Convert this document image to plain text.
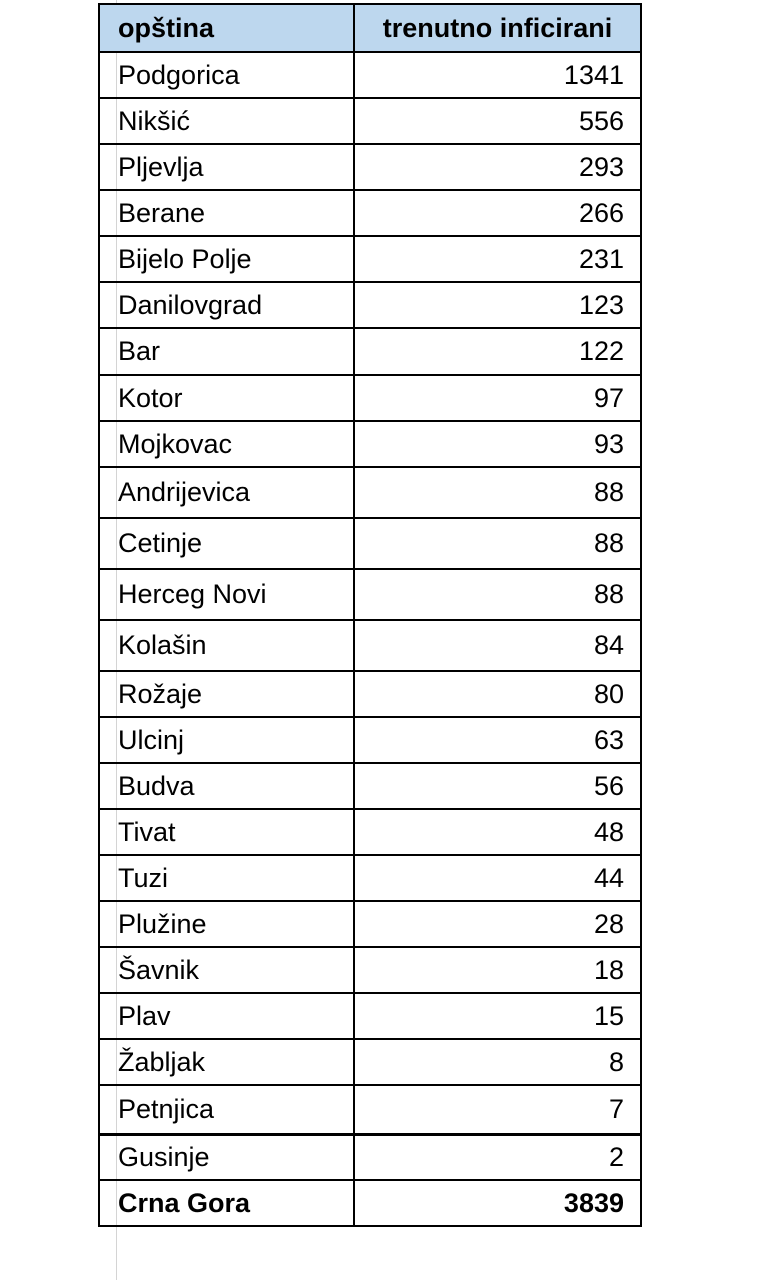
opština	trenutno inficirani
Podgorica	1341
Nikšić	556
Pljevlja	293
Berane	266
Bijelo Polje	231
Danilovgrad	123
Bar	122
Kotor	97
Mojkovac	93
Andrijevica	88
Cetinje	88
Herceg Novi	88
Kolašin	84
Rožaje	80
Ulcinj	63
Budva	56
Tivat	48
Tuzi	44
Plužine	28
Šavnik	18
Plav	15
Žabljak	8
Petnjica	7
Gusinje	2
Crna Gora	3839
